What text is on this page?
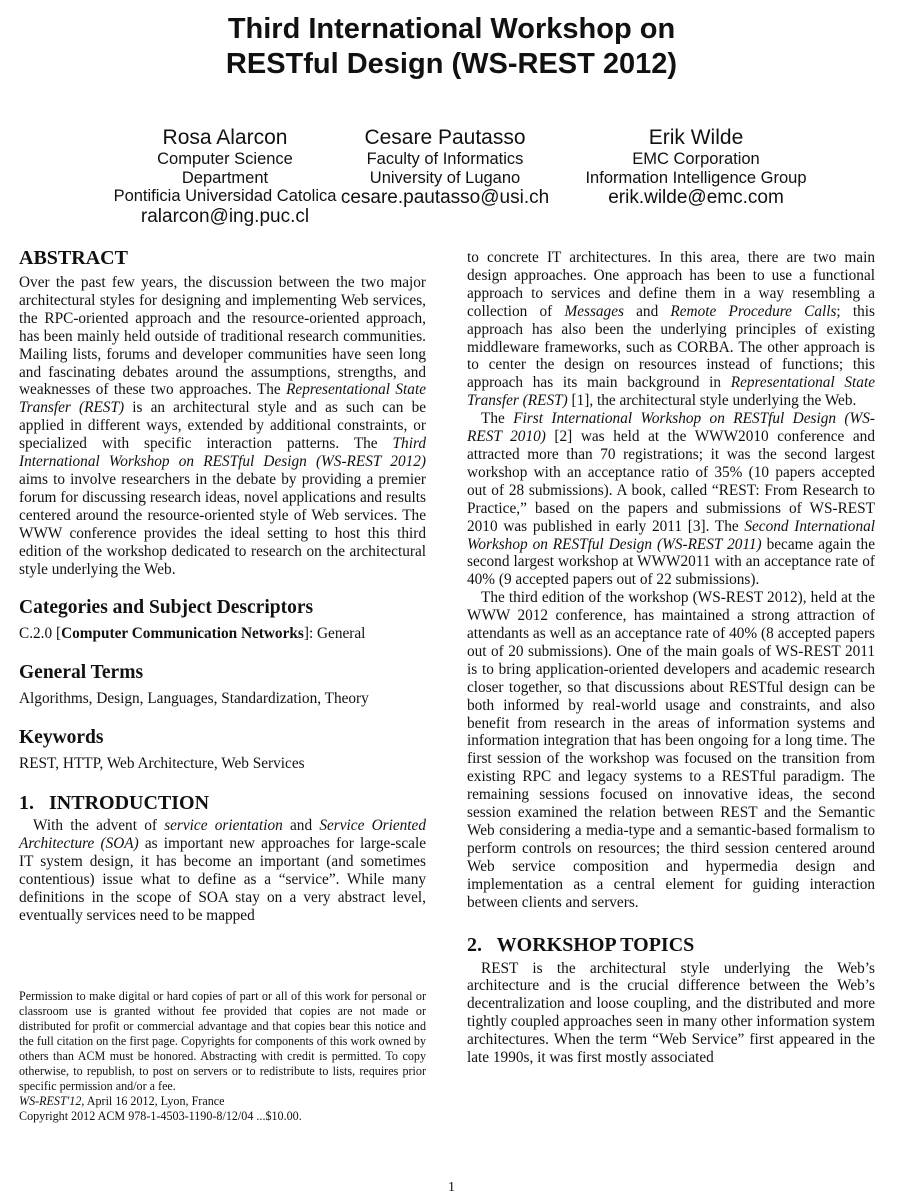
Third International Workshop on
RESTful Design (WS-REST 2012)
Rosa Alarcon
Computer Science
Department
Pontificia Universidad Catolica
ralarcon@ing.puc.cl
Cesare Pautasso
Faculty of Informatics
University of Lugano
cesare.pautasso@usi.ch
Erik Wilde
EMC Corporation
Information Intelligence Group
erik.wilde@emc.com
ABSTRACT

Over the past few years, the discussion between the two major architectural styles for designing and implementing Web services, the RPC-oriented approach and the resource-oriented approach, has been mainly held outside of traditional research communities. Mailing lists, forums and developer communities have seen long and fascinating debates around the assumptions, strengths, and weaknesses of these two approaches. The Representational State Transfer (REST) is an architectural style and as such can be applied in different ways, extended by additional constraints, or specialized with specific interaction patterns. The Third International Workshop on RESTful Design (WS-REST 2012) aims to involve researchers in the debate by providing a premier forum for discussing research ideas, novel applications and results centered around the resource-oriented style of Web services. The WWW conference provides the ideal setting to host this third edition of the workshop dedicated to research on the architectural style underlying the Web.

Categories and Subject Descriptors

C.2.0 [Computer Communication Networks]: General

General Terms

Algorithms, Design, Languages, Standardization, Theory

Keywords

REST, HTTP, Web Architecture, Web Services

1.   INTRODUCTION

With the advent of service orientation and Service Oriented Architecture (SOA) as important new approaches for large-scale IT system design, it has become an important (and sometimes contentious) issue what to define as a “service”. While many definitions in the scope of SOA stay on a very abstract level, eventually services need to be mapped

Permission to make digital or hard copies of part or all of this work for personal or classroom use is granted without fee provided that copies are not made or distributed for profit or commercial advantage and that copies bear this notice and the full citation on the first page. Copyrights for components of this work owned by others than ACM must be honored. Abstracting with credit is permitted. To copy otherwise, to republish, to post on servers or to redistribute to lists, requires prior specific permission and/or a fee.
WS-REST'12, April 16 2012, Lyon, France
Copyright 2012 ACM 978-1-4503-1190-8/12/04 ...$10.00.

to concrete IT architectures. In this area, there are two main design approaches. One approach has been to use a functional approach to services and define them in a way resembling a collection of Messages and Remote Procedure Calls; this approach has also been the underlying principles of existing middleware frameworks, such as CORBA. The other approach is to center the design on resources instead of functions; this approach has its main background in Representational State Transfer (REST) [1], the architectural style underlying the Web.

The First International Workshop on RESTful Design (WS-REST 2010) [2] was held at the WWW2010 conference and attracted more than 70 registrations; it was the second largest workshop with an acceptance ratio of 35% (10 papers accepted out of 28 submissions). A book, called “REST: From Research to Practice,” based on the papers and submissions of WS-REST 2010 was published in early 2011 [3]. The Second International Workshop on RESTful Design (WS-REST 2011) became again the second largest workshop at WWW2011 with an acceptance rate of 40% (9 accepted papers out of 22 submissions).

The third edition of the workshop (WS-REST 2012), held at the WWW 2012 conference, has maintained a strong attraction of attendants as well as an acceptance rate of 40% (8 accepted papers out of 20 submissions). One of the main goals of WS-REST 2011 is to bring application-oriented developers and academic research closer together, so that discussions about RESTful design can be both informed by real-world usage and constraints, and also benefit from research in the areas of information systems and information integration that has been ongoing for a long time. The first session of the workshop was focused on the transition from existing RPC and legacy systems to a RESTful paradigm. The remaining sessions focused on innovative ideas, the second session examined the relation between REST and the Semantic Web considering a media-type and a semantic-based formalism to perform controls on resources; the third session centered around Web service composition and hypermedia design and implementation as a central element for guiding interaction between clients and servers.

2.   WORKSHOP TOPICS

REST is the architectural style underlying the Web’s architecture and is the crucial difference between the Web’s decentralization and loose coupling, and the distributed and more tightly coupled approaches seen in many other information system architectures. When the term “Web Service” first appeared in the late 1990s, it was first mostly associated

1
